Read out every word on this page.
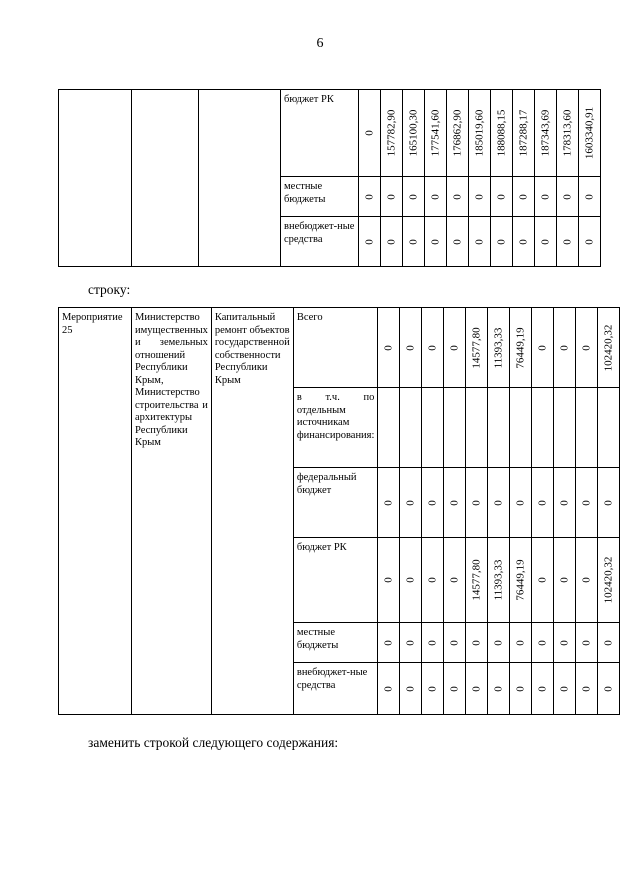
6
			бюджет РК	0	157782,90	165100,30	177541,60	176862,90	185019,60	188088,15	187288,17	187343,69	178313,60	1603340,91

			местные бюджеты	0	0	0	0	0	0	0	0	0	0	0

			внебюджет-ные средства	0	0	0	0	0	0	0	0	0	0	0
строку:
Мероприятие 25	Министерство имущественных и земельных отношений Республики Крым, Министерство строительства и архитектуры Республики Крым	Капитальный ремонт объектов государственной собственности Республики Крым	Всего	0	0	0	0	14577,80	11393,33	76449,19	0	0	0	102420,32

			в т.ч. по отдельным источникам финансирования:	

			федеральный бюджет	0	0	0	0	0	0	0	0	0	0	0

			бюджет РК	0	0	0	0	14577,80	11393,33	76449,19	0	0	0	102420,32

			местные бюджеты	0	0	0	0	0	0	0	0	0	0	0

			внебюджет-ные средства	0	0	0	0	0	0	0	0	0	0	0
заменить строкой следующего содержания:
